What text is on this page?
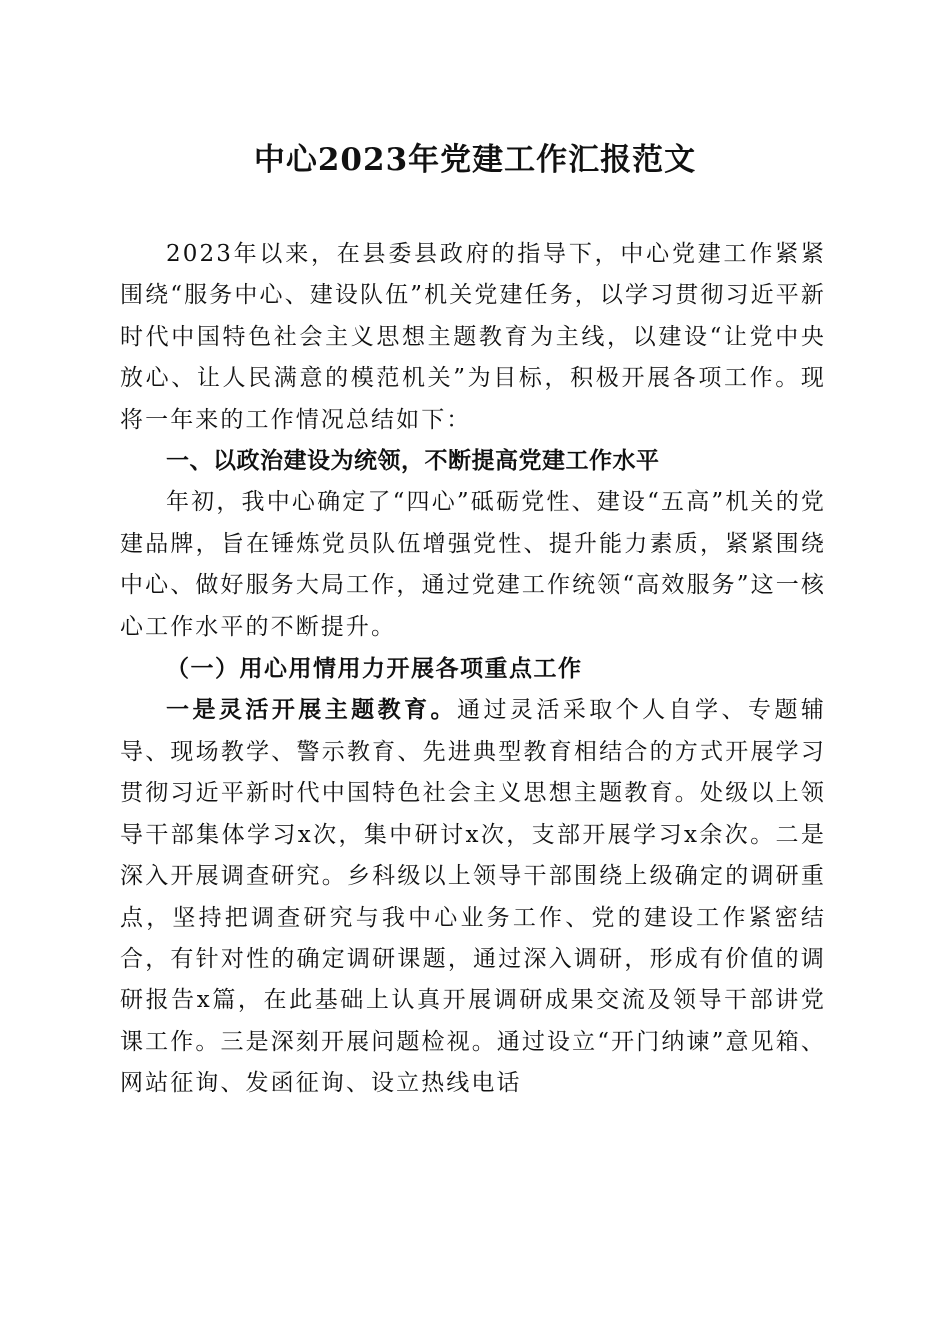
中心2023年党建工作汇报范文

2023年以来，在县委县政府的指导下，中心党建工作紧紧围绕“服务中心、建设队伍”机关党建任务，以学习贯彻习近平新时代中国特色社会主义思想主题教育为主线，以建设“让党中央放心、让人民满意的模范机关”为目标，积极开展各项工作。现将一年来的工作情况总结如下：

一、以政治建设为统领，不断提高党建工作水平

年初，我中心确定了“四心”砥砺党性、建设“五高”机关的党建品牌，旨在锤炼党员队伍增强党性、提升能力素质，紧紧围绕中心、做好服务大局工作，通过党建工作统领“高效服务”这一核心工作水平的不断提升。

（一）用心用情用力开展各项重点工作

一是灵活开展主题教育。通过灵活采取个人自学、专题辅导、现场教学、警示教育、先进典型教育相结合的方式开展学习贯彻习近平新时代中国特色社会主义思想主题教育。处级以上领导干部集体学习x次，集中研讨x次，支部开展学习x余次。二是深入开展调查研究。乡科级以上领导干部围绕上级确定的调研重点，坚持把调查研究与我中心业务工作、党的建设工作紧密结合，有针对性的确定调研课题，通过深入调研，形成有价值的调研报告x篇，在此基础上认真开展调研成果交流及领导干部讲党课工作。三是深刻开展问题检视。通过设立“开门纳谏”意见箱、网站征询、发函征询、设立热线电话
